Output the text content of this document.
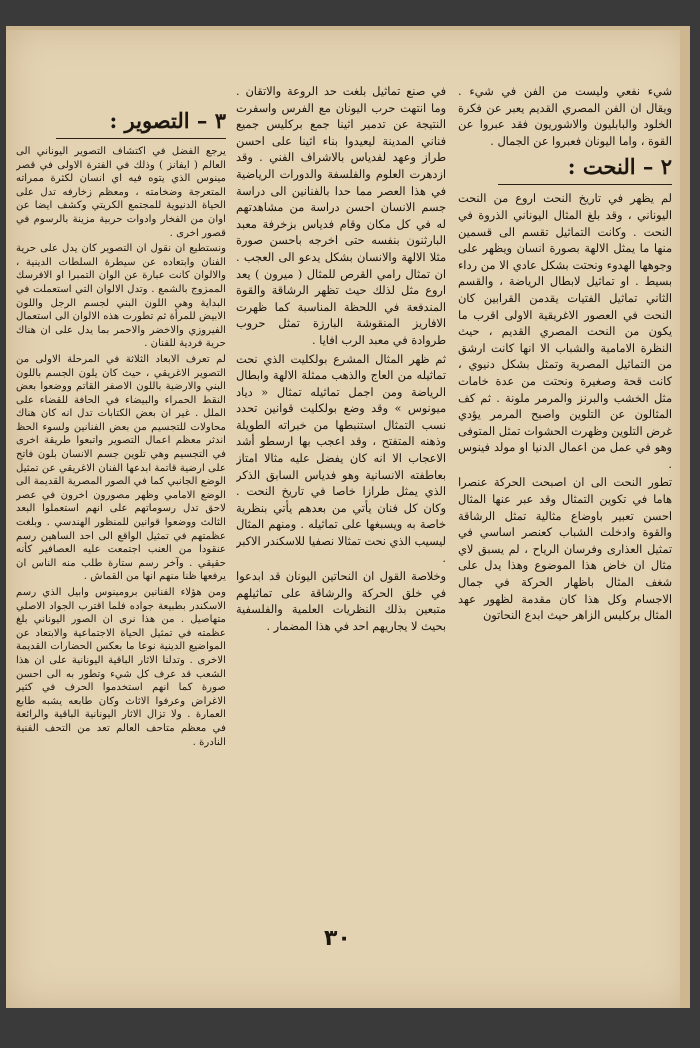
شيء نفعي وليست من الفن في شيء . ويقال ان الفن المصري القديم يعبر عن فكرة الخلود والبابليون والاشوريون فقد عبروا عن القوة ، واما اليونان فعبروا عن الجمال .

٢ – النحت :

لم يظهر في تاريخ النحت اروع من النحت اليوناني ، وقد بلغ المثال اليوناني الذروة في النحت . وكانت التماثيل تقسم الى قسمين منها ما يمثل الالهة بصورة انسان ويظهر على وجوهها الهدوء ونحتت بشكل عادي الا من رداء بسيط . او تماثيل لابطال الرياضة ، والقسم الثاني تماثيل الفتيات يقدمن القرابين كان النحت في العصور الاغريقية الاولى اقرب ما يكون من النحت المصري القديم ، حيث النظرة الامامية والشباب الا انها كانت ارشق من التماثيل المصرية وتمثل بشكل دنيوي ، كانت قحة وصغيرة ونحتت من عدة خامات مثل الخشب والبرنز والمرمر ملونة . ثم كف المثالون عن التلوين واصبح المرمر يؤدي غرض التلوين وظهرت الحشوات تمثل المتوفى وهو في عمل من اعمال الدنيا او مولد فينوس .

تطور النحت الى ان اصبحت الحركة عنصرا هاما في تكوين التمثال وقد عبر عنها المثال احسن تعبير باوضاع مثالية تمثل الرشاقة والقوة وادخلت الشباب كعنصر اساسي في تمثيل العذارى وفرسان الرياح ، لم يسبق لاي مثال ان خاض هذا الموضوع وهذا يدل على شغف المثال باظهار الحركة في جمال الاجسام وكل هذا كان مقدمة لظهور عهد المثال بركليس الزاهر حيث ابدع النحاتون

في صنع تماثيل بلغت حد الروعة والاتقان . وما انتهت حرب اليونان مع الفرس واسفرت النتيجة عن تدمير اثينا جمع بركليس جميع فناني المدينة ليعيدوا بناء اثينا على احسن طراز وعهد لفدياس بالاشراف الفني . وقد ازدهرت العلوم والفلسفة والدورات الرياضية في هذا العصر مما حدا بالفنانين الى دراسة جسم الانسان احسن دراسة من مشاهدتهم له في كل مكان وقام فدياس بزخرفة معبد البارثنون بنفسه حتى اخرجه باحسن صورة مثلا الالهة والانسان بشكل يدعو الى العجب . ان تمثال رامي القرص للمثال ( ميرون ) يعد اروع مثل لذلك حيث تظهر الرشاقة والقوة المندفعة في اللحظة المناسبة كما ظهرت الافاريز المنقوشة البارزة تمثل حروب طروادة في معبد الرب افايا .

ثم ظهر المثال المشرع بولكليت الذي نحت تماثيله من العاج والذهب ممثلة الالهة وابطال الرياضة ومن اجمل تماثيله تمثال « دياد ميونوس » وقد وضع بولكليت قوانين تحدد نسب التمثال استنبطها من خبراته الطويلة وذهنه المتفتح ، وقد اعجب بها ارسطو أشد الاعجاب الا انه كان يفضل عليه مثالا امتاز بعاطفته الانسانية وهو فدياس السابق الذكر الذي يمثل طرازا خاصا في تاريخ النحت . وكان كل فنان يأتي من بعدهم يأتي بنظرية خاصة به ويسبغها على تماثيله . ومنهم المثال ليسيب الذي نحت تمثالا نصفيا للاسكندر الاكبر .

وخلاصة القول ان النحاتين اليونان قد ابدعوا في خلق الحركة والرشاقة على تماثيلهم متبعين بذلك النظريات العلمية والفلسفية بحيث لا يجاريهم احد في هذا المضمار .

٣ – التصوير :

يرجع الفضل في اكتشاف التصوير اليوناني الى العالم ( ايفانز ) وذلك في الفترة الاولى في قصر مينوس الذي يتوه فيه اي انسان لكثرة ممراته المتعرجة وضخامته ، ومعظم زخارفه تدل على الحياة الدنيوية للمجتمع الكريتي وكشف ايضا عن اوان من الفخار وادوات حربية مزينة بالرسوم في قصور اخرى .

ونستطيع ان نقول ان التصوير كان يدل على حرية الفنان وابتعاده عن سيطرة السلطات الدينية ، والالوان كانت عبارة عن الوان التمبرا او الافرسك الممزوج بالشمع . وتدل الالوان التي استعملت في البداية وهي اللون البني لجسم الرجل واللون الابيض للمرأة ثم تطورت هذه الالوان الى استعمال الفيروزي والاخضر والاحمر بما يدل على ان هناك حرية فردية للفنان .

لم تعرف الابعاد الثلاثة في المرحلة الاولى من التصوير الاغريقي ، حيث كان يلون الجسم باللون البني والارضية باللون الاصفر القاتم ووضعوا بعض النقط الحمراء والبيضاء في الحافة للقضاء على الملل . غير ان بعض الكتابات تدل انه كان هناك محاولات للتجسيم من بعض الفنانين ولسوء الحظ اندثر معظم اعمال التصوير واتبعوا طريقة اخرى في التجسيم وهي تلوين جسم الانسان بلون فاتح على ارضية قاتمة ابدعها الفنان الاغريقي عن تمثيل الوضع الجانبي كما في الصور المصرية القديمة الى الوضع الامامي وظهر مصورون اخرون في عصر لاحق تدل رسوماتهم على انهم استعملوا البعد الثالث ووضعوا قوانين للمنظور الهندسي . وبلغت عظمتهم في تمثيل الواقع الى احد الساهين رسم عنقودا من العنب اجتمعت عليه العصافير كأنه حقيقي . وآخر رسم ستارة طلب منه الناس ان يرفعها ظنا منهم انها من القماش .

ومن هؤلاء الفنانين برومينوس وابيل الذي رسم الاسكندر بطبيعة جواده فلما اقترب الجواد الاصلي متهاصيل . من هذا نرى ان الصور اليوناني بلغ عظمته في تمثيل الحياة الاجتماعية والابتعاد عن المواضيع الدينية نوعا ما بعكس الحضارات القديمة الاخرى . وتدلنا الاثار الباقية اليونانية على ان هذا الشعب قد عرف كل شيء وتطور به الى احسن صورة كما انهم استخدموا الحرف في كثير الاغراض وعرفوا الاثاث وكان طابعه يشبه طابع العمارة . ولا تزال الاثار اليونانية الباقية والرائعة في معظم متاحف العالم تعد من التحف الفنية النادرة .

٣٠
